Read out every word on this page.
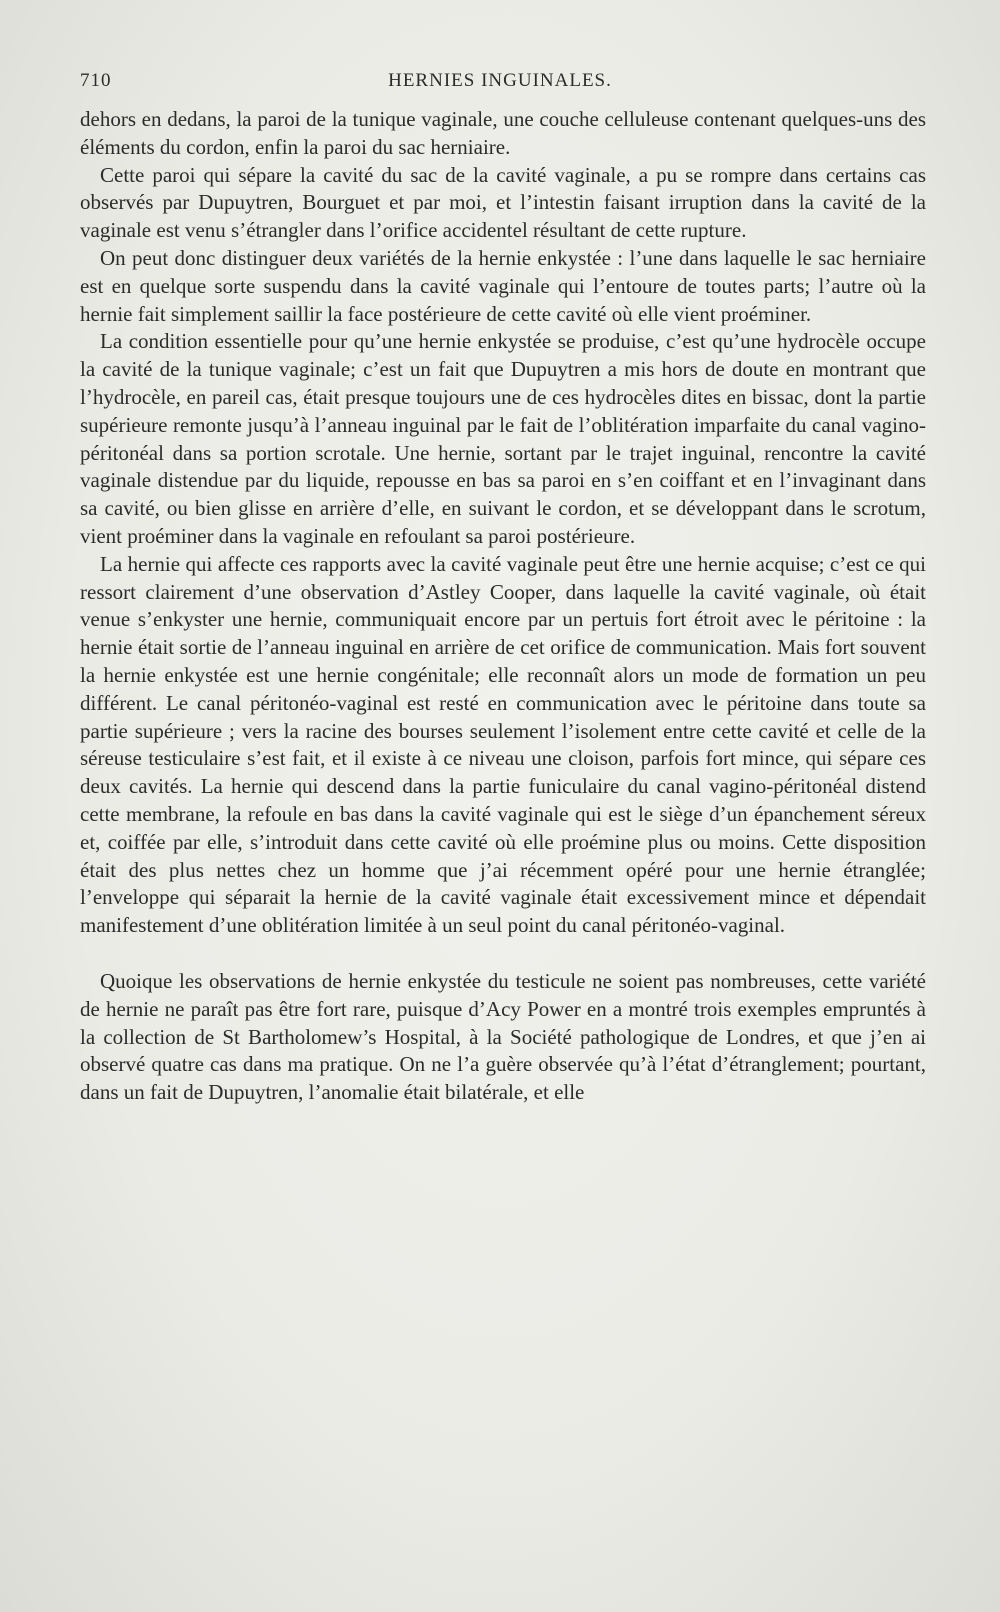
710	HERNIES INGUINALES.

dehors en dedans, la paroi de la tunique vaginale, une couche celluleuse contenant quelques-uns des éléments du cordon, enfin la paroi du sac herniaire.

Cette paroi qui sépare la cavité du sac de la cavité vaginale, a pu se rompre dans certains cas observés par Dupuytren, Bourguet et par moi, et l’intestin faisant irruption dans la cavité de la vaginale est venu s’étrangler dans l’orifice accidentel résultant de cette rupture.

On peut donc distinguer deux variétés de la hernie enkystée : l’une dans laquelle le sac herniaire est en quelque sorte suspendu dans la cavité vaginale qui l’entoure de toutes parts; l’autre où la hernie fait simplement saillir la face postérieure de cette cavité où elle vient proéminer.

La condition essentielle pour qu’une hernie enkystée se produise, c’est qu’une hydrocèle occupe la cavité de la tunique vaginale; c’est un fait que Dupuytren a mis hors de doute en montrant que l’hydrocèle, en pareil cas, était presque toujours une de ces hydrocèles dites en bissac, dont la partie supérieure remonte jusqu’à l’anneau inguinal par le fait de l’oblitération imparfaite du canal vagino-péritonéal dans sa portion scrotale. Une hernie, sortant par le trajet inguinal, rencontre la cavité vaginale distendue par du liquide, repousse en bas sa paroi en s’en coiffant et en l’invaginant dans sa cavité, ou bien glisse en arrière d’elle, en suivant le cordon, et se développant dans le scrotum, vient proéminer dans la vaginale en refoulant sa paroi postérieure.

La hernie qui affecte ces rapports avec la cavité vaginale peut être une hernie acquise; c’est ce qui ressort clairement d’une observation d’Astley Cooper, dans laquelle la cavité vaginale, où était venue s’enkyster une hernie, communiquait encore par un pertuis fort étroit avec le péritoine : la hernie était sortie de l’anneau inguinal en arrière de cet orifice de communication. Mais fort souvent la hernie enkystée est une hernie congénitale; elle reconnaît alors un mode de formation un peu différent. Le canal péritonéo-vaginal est resté en communication avec le péritoine dans toute sa partie supérieure ; vers la racine des bourses seulement l’isolement entre cette cavité et celle de la séreuse testiculaire s’est fait, et il existe à ce niveau une cloison, parfois fort mince, qui sépare ces deux cavités. La hernie qui descend dans la partie funiculaire du canal vagino-péritonéal distend cette membrane, la refoule en bas dans la cavité vaginale qui est le siège d’un épanchement séreux et, coiffée par elle, s’introduit dans cette cavité où elle proémine plus ou moins. Cette disposition était des plus nettes chez un homme que j’ai récemment opéré pour une hernie étranglée; l’enveloppe qui séparait la hernie de la cavité vaginale était excessivement mince et dépendait manifestement d’une oblitération limitée à un seul point du canal péritonéo-vaginal.

Quoique les observations de hernie enkystée du testicule ne soient pas nombreuses, cette variété de hernie ne paraît pas être fort rare, puisque d’Acy Power en a montré trois exemples empruntés à la collection de St Bartholomew’s Hospital, à la Société pathologique de Londres, et que j’en ai observé quatre cas dans ma pratique. On ne l’a guère observée qu’à l’état d’étranglement; pourtant, dans un fait de Dupuytren, l’anomalie était bilatérale, et elle
